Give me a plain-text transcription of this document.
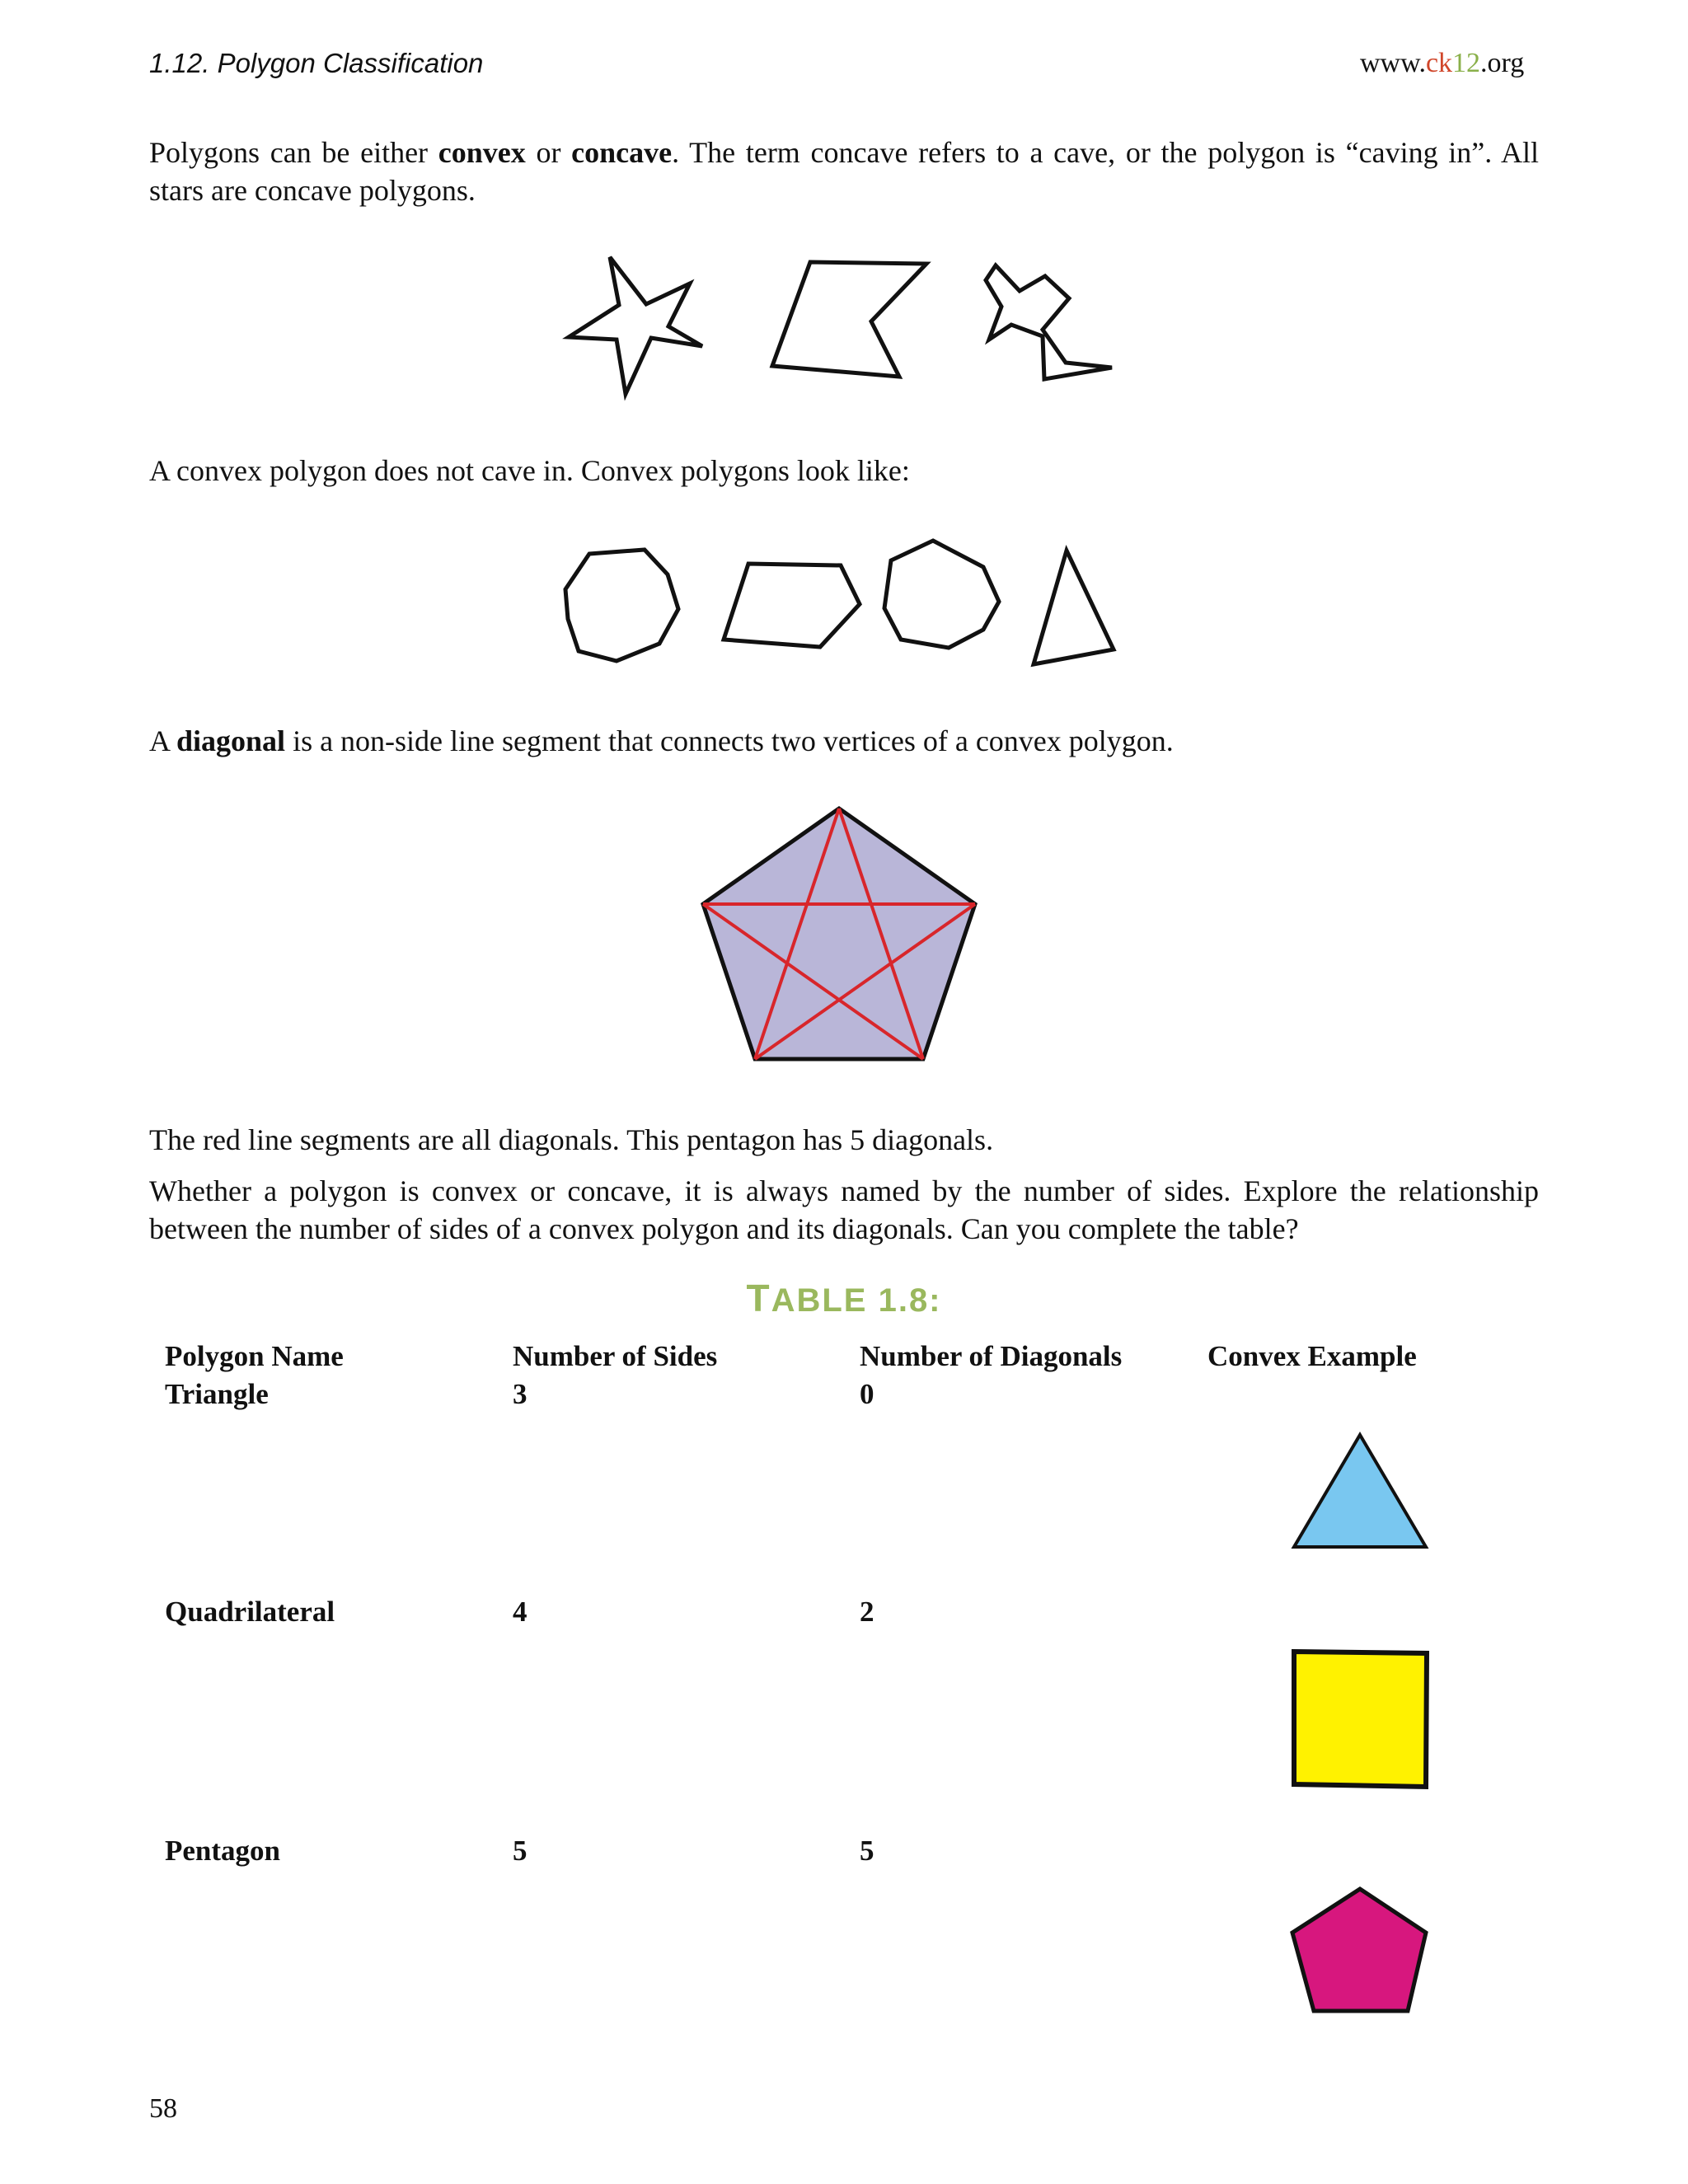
1.12. Polygon Classification	www.ck12.org
Polygons can be either convex or concave. The term concave refers to a cave, or the polygon is “caving in”. All stars are concave polygons.
A convex polygon does not cave in. Convex polygons look like:
A diagonal is a non-side line segment that connects two vertices of a convex polygon.
The red line segments are all diagonals. This pentagon has 5 diagonals.
Whether a polygon is convex or concave, it is always named by the number of sides. Explore the relationship between the number of sides of a convex polygon and its diagonals. Can you complete the table?
TABLE 1.8:
Polygon Name	Number of Sides	Number of Diagonals	Convex Example
Triangle	3	0
Quadrilateral	4	2
Pentagon	5	5
58
